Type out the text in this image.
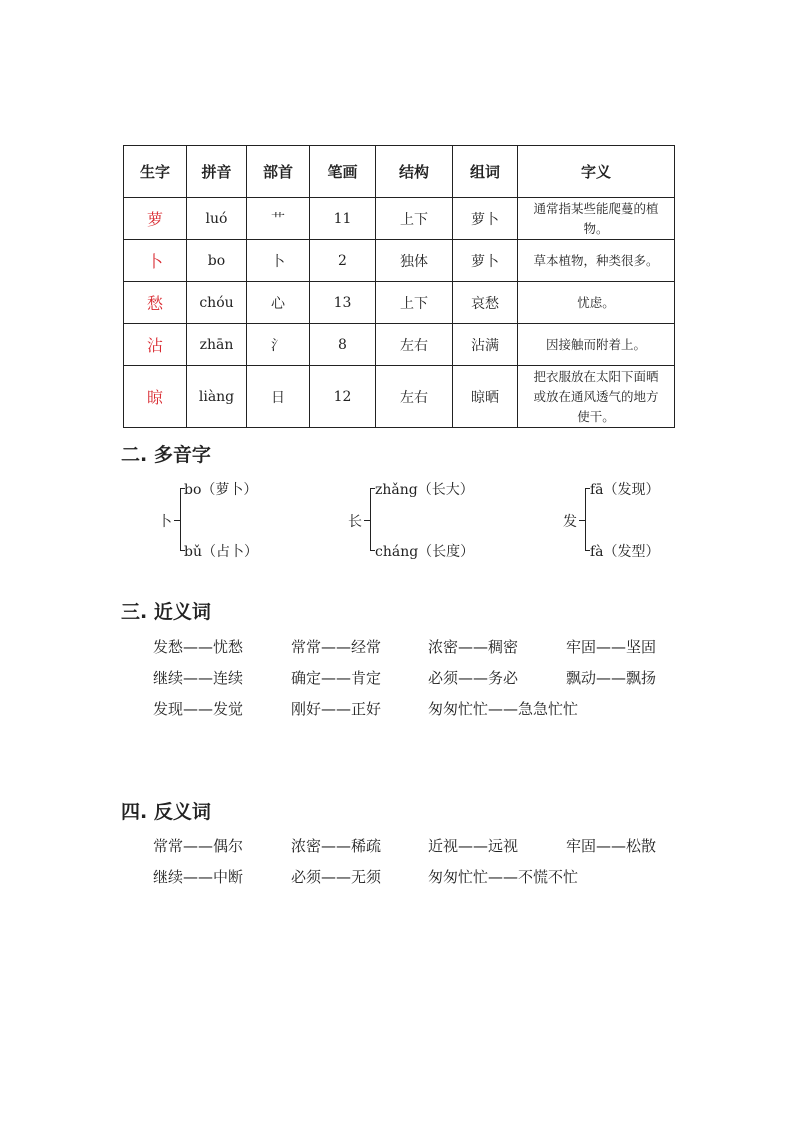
生字	拼音	部首	笔画	结构	组词	字义
萝	luó	艹	11	上下	萝卜	通常指某些能爬蔓的植
物。
卜	bo	卜	2	独体	萝卜	草本植物，种类很多。
愁	chóu	心	13	上下	哀愁	忧虑。
沾	zhān	氵	8	左右	沾满	因接触而附着上。
晾	liàng	日	12	左右	晾晒	把衣服放在太阳下面晒
或放在通风透气的地方
使干。
二. 多音字
卜
bo（萝卜）
bǔ（占卜）
长
zhǎng（长大）
cháng（长度）
发
fā（发现）
fà（发型）
三. 近义词
发愁——忧愁	常常——经常	浓密——稠密	牢固——坚固
继续——连续	确定——肯定	必须——务必	飘动——飘扬
发现——发觉	刚好——正好	匆匆忙忙——急急忙忙
四. 反义词
常常——偶尔	浓密——稀疏	近视——远视	牢固——松散
继续——中断	必须——无须	匆匆忙忙——不慌不忙
